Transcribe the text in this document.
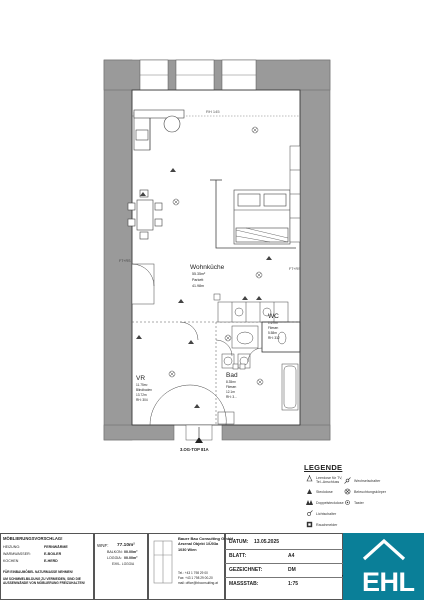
RH 145
FT+RS
FT+RS
3.OG-TOP 81A
Wohnküche
55.35m²
Parkett
41.98m
WC
1.67m²
Fliesen
5.58m
RH: 312
VR
11.75m²
Blindboden
13.72m
RH: 304
Bad
8.35m²
Fliesen
12.1m
RH: 3...
LEGENDE
Leerdose für TV, Tel.-Anschluss
Steckdose
Doppelsteckdose
Lichtschalter
Rauchmelder
Wechselschalter
Beleuchtungskörper
Taster
MÖBLIERUNGSVORSCHLAG!
HEIZUNG:	FERNWÄRME
WARMWASSER:	E-BOILER
KOCHEN	E-HERD
FÜR EINBAUMÖBEL NATURMASSE NEHMEN!
UM SCHIMMELBILDUNG ZU VERMEIDEN, SIND DIE AUSSENWÄNDE VON MÖBLIERUNG FREIZUHALTEN!
WNF: 77.10m²
BALKON: 00.00m²
LOGGIA: 00.00m²
EXKL. LOGGIA
Bauer Bau Consulting GmbH
Arsenal Objekt 1/Ü03a
1030 Wien
Tel.: +43 1 798 29 00
Fax: +43 1 798 29 00-20
mail: office@bbconsulting.at
DATUM: 13.05.2025
BLATT:	A4
GEZEICHNET:	DM
MASSSTAB:	1:75 EHL
